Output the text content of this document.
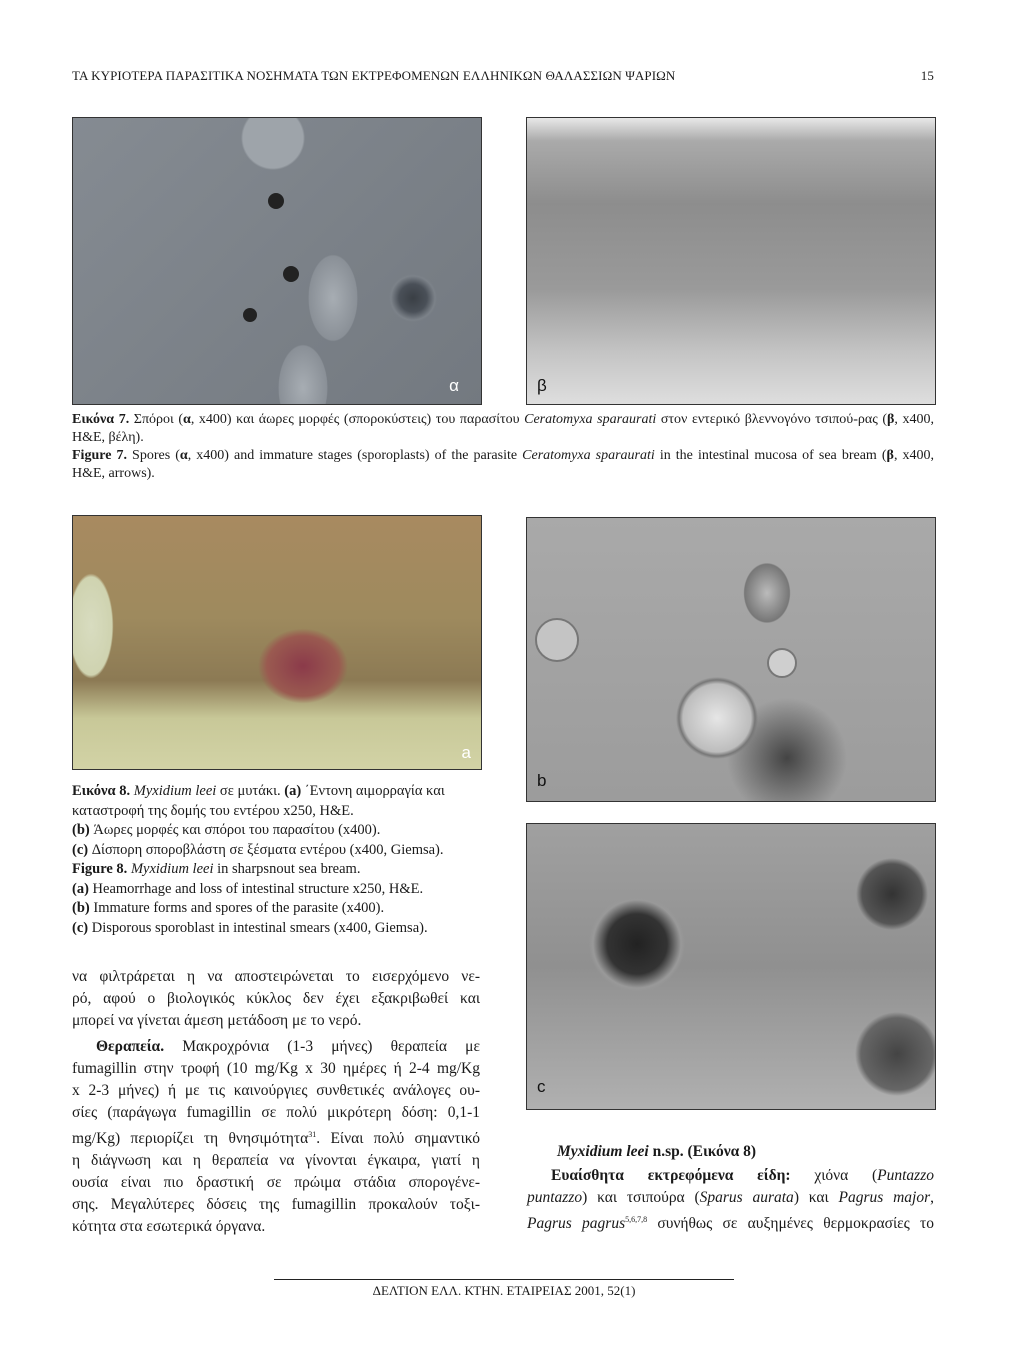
ΤΑ ΚΥΡΙΟΤΕΡΑ ΠΑΡΑΣΙΤΙΚΑ ΝΟΣΗΜΑΤΑ ΤΩΝ ΕΚΤΡΕΦΟΜΕΝΩΝ ΕΛΛΗΝΙΚΩΝ ΘΑΛΑΣΣΙΩΝ ΨΑΡΙΩΝ	15
α	β

Εικόνα 7. Σπόροι (α, x400) και άωρες μορφές (σποροκύστεις) του παρασίτου Ceratomyxa sparaurati στον εντερικό βλεννογόνο τσιπού-ρας (β, x400, H&E, βέλη).

Figure 7. Spores (α, x400) and immature stages (sporoplasts) of the parasite Ceratomyxa sparaurati in the intestinal mucosa of sea bream (β, x400, H&E, arrows).

a
b
c

Εικόνα 8. Myxidium leei σε μυτάκι. (a) ΄Εντονη αιμορραγία και καταστροφή της δομής του εντέρου x250, H&E.

(b) Άωρες μορφές και σπόροι του παρασίτου (x400).

(c) Δίσπορη σποροβλάστη σε ξέσματα εντέρου (x400, Giemsa).

Figure 8. Myxidium leei in sharpsnout sea bream.

(a) Heamorrhage and loss of intestinal structure x250, H&E.

(b) Immature forms and spores of the parasite (x400).

(c) Disporous sporoblast in intestinal smears (x400, Giemsa).

να φιλτράρεται η να αποστειρώνεται το εισερχόμενο νε-
ρό, αφού ο βιολογικός κύκλος δεν έχει εξακριβωθεί και
μπορεί να γίνεται άμεση μετάδοση με το νερό.
Θεραπεία. Μακροχρόνια (1-3 μήνες) θεραπεία με
fumagillin στην τροφή (10 mg/Kg x 30 ημέρες ή 2-4 mg/Kg
x 2-3 μήνες) ή με τις καινούργιες συνθετικές ανάλογες ου-
σίες (παράγωγα fumagillin σε πολύ μικρότερη δόση: 0,1-1
mg/Kg) περιορίζει τη θνησιμότητα$^{31}$. Είναι πολύ σημαντικό
η διάγνωση και η θεραπεία να γίνονται έγκαιρα, γιατί η
ουσία είναι πιο δραστική σε πρώιμα στάδια σπορογένε-
σης. Μεγαλύτερες δόσεις της fumagillin προκαλούν τοξι-
κότητα στα εσωτερικά όργανα.
Myxidium leei n.sp. (Εικόνα 8)
Ευαίσθητα εκτρεφόμενα είδη: χιόνα (Puntazzo
puntazzo) και τσιπούρα (Sparus aurata) και Pagrus major,
Pagrus pagrus$^{5,6,7,8}$ συνήθως σε αυξημένες θερμοκρασίες το
ΔΕΛΤΙΟΝ ΕΛΛ. ΚΤΗΝ. ΕΤΑΙΡΕΙΑΣ 2001, 52(1)
